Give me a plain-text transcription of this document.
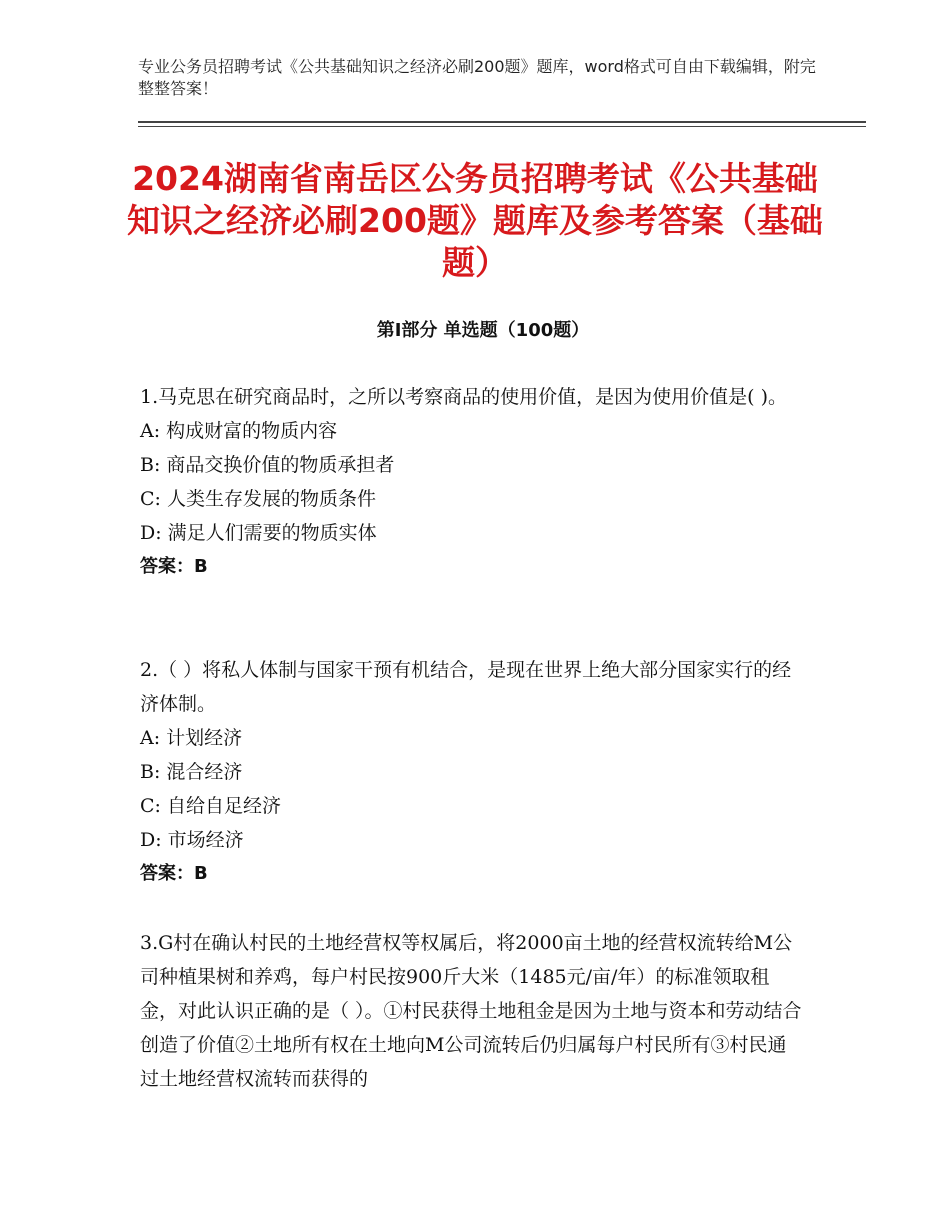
专业公务员招聘考试《公共基础知识之经济必刷200题》题库，word格式可自由下载编辑，附完整整答案！
2024湖南省南岳区公务员招聘考试《公共基础知识之经济必刷200题》题库及参考答案（基础题）
第Ⅰ部分 单选题（100题）

1.马克思在研究商品时，之所以考察商品的使用价值，是因为使用价值是( )。

A: 构成财富的物质内容

B: 商品交换价值的物质承担者

C: 人类生存发展的物质条件

D: 满足人们需要的物质实体

答案：B

2.（ ）将私人体制与国家干预有机结合，是现在世界上绝大部分国家实行的经济体制。

A: 计划经济

B: 混合经济

C: 自给自足经济

D: 市场经济

答案：B

3.G村在确认村民的土地经营权等权属后，将2000亩土地的经营权流转给M公司种植果树和养鸡，每户村民按900斤大米（1485元/亩/年）的标准领取租金，对此认识正确的是（ ）。①村民获得土地租金是因为土地与资本和劳动结合创造了价值②土地所有权在土地向M公司流转后仍归属每户村民所有③村民通过土地经营权流转而获得的
